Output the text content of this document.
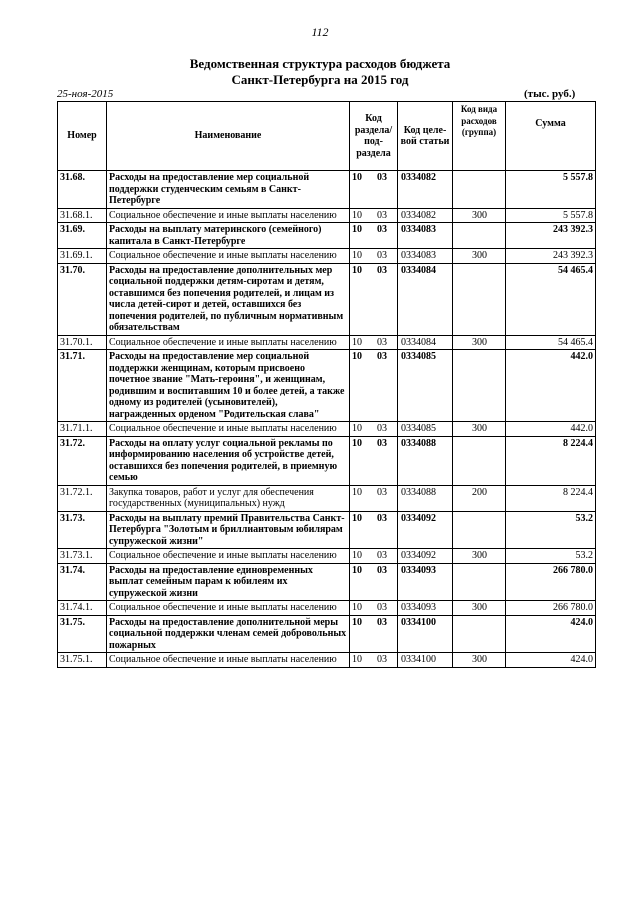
112
Ведомственная структура расходов бюджета
Санкт-Петербурга на 2015 год
25-ноя-2015	(тыс. руб.)
Номер	Наименование	Код раздела/ под- раздела	Код целе- вой статьи	Код вида расходов (группа)	Сумма
31.68.	Расходы на предоставление мер социальной поддержки студенческим семьям в Санкт-Петербурге	10 03	0334082		5 557.8
31.68.1.	Социальное обеспечение и иные выплаты населению	10 03	0334082	300	5 557.8
31.69.	Расходы на выплату материнского (семейного) капитала в Санкт-Петербурге	10 03	0334083		243 392.3
31.69.1.	Социальное обеспечение и иные выплаты населению	10 03	0334083	300	243 392.3
31.70.	Расходы на предоставление дополнительных мер социальной поддержки детям-сиротам и детям, оставшимся без попечения родителей, и лицам из числа детей-сирот и детей, оставшихся без попечения родителей, по публичным нормативным обязательствам	10 03	0334084		54 465.4
31.70.1.	Социальное обеспечение и иные выплаты населению	10 03	0334084	300	54 465.4
31.71.	Расходы на предоставление мер социальной поддержки женщинам, которым присвоено почетное звание "Мать-героиня", и женщинам, родившим и воспитавшим 10 и более детей, а также одному из родителей (усыновителей), награжденных орденом "Родительская слава"	10 03	0334085		442.0
31.71.1.	Социальное обеспечение и иные выплаты населению	10 03	0334085	300	442.0
31.72.	Расходы на оплату услуг социальной рекламы по информированию населения об устройстве детей, оставшихся без попечения родителей, в приемную семью	10 03	0334088		8 224.4
31.72.1.	Закупка товаров, работ и услуг для обеспечения государственных (муниципальных) нужд	10 03	0334088	200	8 224.4
31.73.	Расходы на выплату премий Правительства Санкт-Петербурга "Золотым и бриллиантовым юбилярам супружеской жизни"	10 03	0334092		53.2
31.73.1.	Социальное обеспечение и иные выплаты населению	10 03	0334092	300	53.2
31.74.	Расходы на предоставление единовременных выплат семейным парам к юбилеям их супружеской жизни	10 03	0334093		266 780.0
31.74.1.	Социальное обеспечение и иные выплаты населению	10 03	0334093	300	266 780.0
31.75.	Расходы на предоставление дополнительной меры социальной поддержки членам семей добровольных пожарных	10 03	0334100		424.0
31.75.1.	Социальное обеспечение и иные выплаты населению	10 03	0334100	300	424.0
